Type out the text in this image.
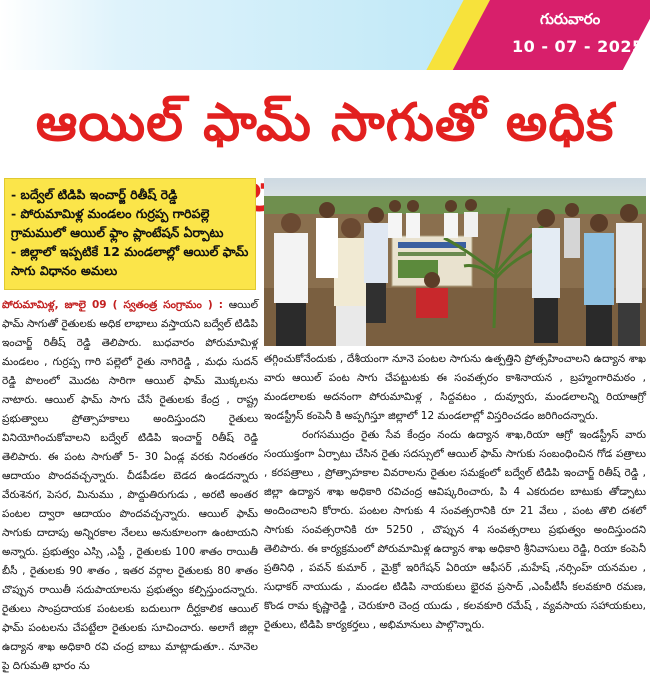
గురువారం
10 - 07 - 2025
ఆయిల్ ఫామ్ సాగుతో అధిక
- బద్వేల్ టిడిపి ఇంచార్జ్ రితీష్ రెడ్డి
- పోరుమామిళ్ల మండలం గుర్రప్ప గారిపల్లె గ్రామములో ఆయిల్ ఫ్లాం ప్లాంటేషన్ ఏర్పాటు
- జిల్లాలో ఇప్పటికే 12 మండలాల్లో ఆయిల్ ఫామ్ సాగు విధానం అమలు

పోరుమామిళ్ల, జూలై 09 ( స్వతంత్ర సంగ్రామం ) : ఆయిల్ ఫామ్ సాగుతో రైతులకు అధిక లాభాలు వస్తాయని బద్వేల్ టిడిపి ఇంచార్జ్ రితీష్ రెడ్డి తెలిపారు. బుధవారం పోరుమామిళ్ల మండలం , గుర్రప్ప గారి పల్లెలో రైతు నాగిరెడ్డి , మధు సుదన్ రెడ్డి పొలంలో మొదట సారిగా ఆయిల్ ఫామ్ మొక్కలను నాటారు. ఆయిల్ ఫామ్ సాగు చేసే రైతులకు కేంద్ర , రాష్ట్ర ప్రభుత్వాలు ప్రోత్సాహకాలు అందిస్తుందని రైతులు వినియోగించుకోవాలని బద్వేల్ టిడిపి ఇంచార్జ్ రితీష్ రెడ్డి తెలిపారు. ఈ పంట సాగుతో 5- 30 ఏండ్ల వరకు నిరంతరం ఆదాయం పొందవచ్చన్నారు. చీడపీడల బెడద ఉండదన్నారు వేరుశెనగ, పెసర, మినుము , పొద్దుతిరుగుడు , అరటి అంతర పంటల ద్వారా ఆదాయం పొందవచ్చన్నారు. ఆయిల్ ఫామ్ సాగుకు దాదాపు అన్నిరకాల నేలలు అనుకూలంగా ఉంటాయని అన్నారు. ప్రభుత్వం ఎస్సి ,ఎస్టీ , రైతులకు 100 శాతం రాయితీ బీసీ , రైతులకు 90 శాతం , ఇతర వర్గాల రైతులకు 80 శాతం చొప్పున రాయితీ సదుపాయాలను ప్రభుత్వం కల్పిస్తుందన్నారు. రైతులు సాంప్రదాయక పంటలకు బదులుగా దీర్ఘకాలిక ఆయిల్ ఫామ్ పంటలను చేపట్టేలా రైతులకు సూచించారు. అలాగే జిల్లా ఉద్యాన శాఖ అధికారి రవి చంద్ర బాబు మాట్లాడుతూ.. నూనెల పై దిగుమతి భారం ను

తగ్గించుకోనేందుకు , దేశీయంగా నూనె పంటల సాగును ఉత్పత్తిని ప్రోత్సహించాలని ఉద్యాన శాఖ వారు ఆయిల్ పంట సాగు చేపట్టుటకు ఈ సంవత్సరం కాశినాయన , బ్రహ్మంగారిమఠం , మండలాలకు అదనంగా పోరుమామిళ్ల , సిద్దవటం , దువ్వూరు, మండలాలన్ని రియాఆగ్రో ఇండస్ట్రీస్ కంపెనీ కి అప్పగిస్తూ జిల్లాలో 12 మండలాల్లో విస్తరించడం జరిగిందన్నారు.

రంగసముద్రం రైతు సేవ కేంద్రం నందు ఉద్యాన శాఖ,రియా ఆగ్రో ఇండస్ట్రీస్ వారు సంయుక్తంగా ఏర్పాటు చేసిన రైతు సదస్సులో ఆయిల్ ఫామ్ సాగుకు సంబంధించిన గోడ పత్రాలు , కరపత్రాలు , ప్రోత్సాహకాల వివరాలను రైతుల సమక్షంలో బద్వేల్ టిడిపి ఇంచార్జ్ రితీష్ రెడ్డి , జిల్లా ఉద్యాన శాఖ అధికారి రవిచంద్ర ఆవిష్కరించారు, పి 4 ఎకరుదల బాటుకు తోడ్పాటు అందించాలని కోరారు. పంటల సాగుకు 4 సంవత్సరానికి రూ 21 వేలు , పంట తొలి దశలో సాగుకు సంవత్సరానికి రూ 5250 , చొప్పున 4 సంవత్సరాలు ప్రభుత్వం అందిస్తుందని తెలిపారు. ఈ కార్యక్రమంలో పోరుమామిళ్ల ఉద్యాన శాఖ అధికారి శ్రీనివాసులు రెడ్డి, రియా కంపెనీ ప్రతినిధి , పవన్ కుమార్ , మైక్రో ఇరిగేషన్ ఏరియా ఆఫీసర్ ,మహేష్ ,నర్సింహ్ యనమల , సుధాకర్ నాయుడు , మండల టిడిపి నాయకులు భైరవ ప్రసాద్ ,ఎంపీటీసీ కలవకూరి రమణ, కొండ రామ కృష్ణారెడ్డి , చెరుకూరి చెంద్ర యుడు , కలవకూరి రమేష్ , వ్యవసాయ సహాయకులు, రైతులు, టిడిపి కార్యకర్తలు , అభిమానులు పాల్గొన్నారు.
